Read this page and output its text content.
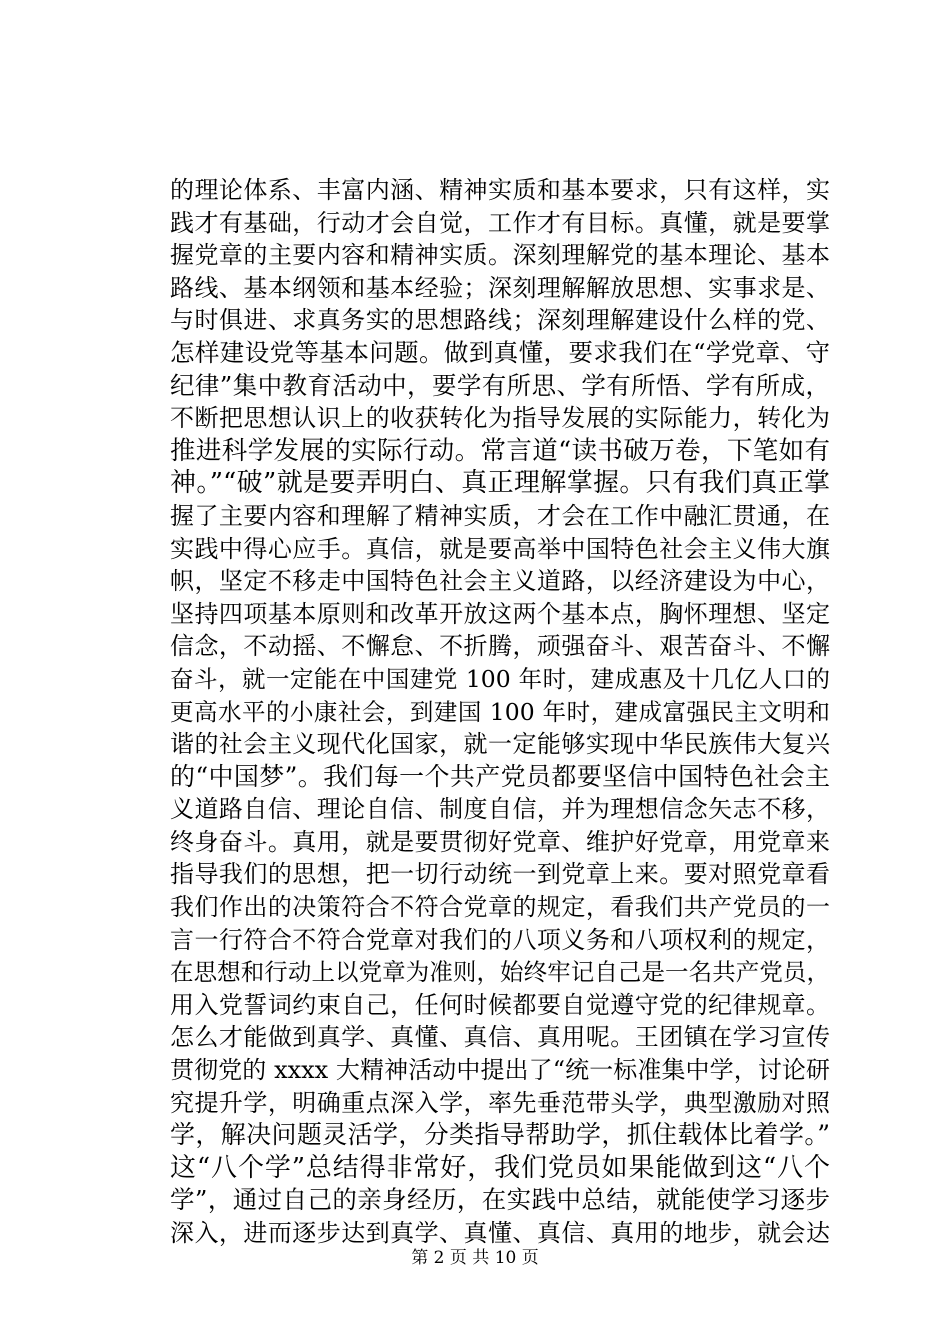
的理论体系、丰富内涵、精神实质和基本要求，只有这样，实
践才有基础，行动才会自觉，工作才有目标。真懂，就是要掌
握党章的主要内容和精神实质。深刻理解党的基本理论、基本
路线、基本纲领和基本经验；深刻理解解放思想、实事求是、
与时俱进、求真务实的思想路线；深刻理解建设什么样的党、
怎样建设党等基本问题。做到真懂，要求我们在“学党章、守
纪律”集中教育活动中，要学有所思、学有所悟、学有所成，
不断把思想认识上的收获转化为指导发展的实际能力，转化为
推进科学发展的实际行动。常言道“读书破万卷，下笔如有
神。”“破”就是要弄明白、真正理解掌握。只有我们真正掌
握了主要内容和理解了精神实质，才会在工作中融汇贯通，在
实践中得心应手。真信，就是要高举中国特色社会主义伟大旗
帜，坚定不移走中国特色社会主义道路，以经济建设为中心，
坚持四项基本原则和改革开放这两个基本点，胸怀理想、坚定
信念，不动摇、不懈怠、不折腾，顽强奋斗、艰苦奋斗、不懈
奋斗，就一定能在中国建党 100 年时，建成惠及十几亿人口的
更高水平的小康社会，到建国 100 年时，建成富强民主文明和
谐的社会主义现代化国家，就一定能够实现中华民族伟大复兴
的“中国梦”。我们每一个共产党员都要坚信中国特色社会主
义道路自信、理论自信、制度自信，并为理想信念矢志不移，
终身奋斗。真用，就是要贯彻好党章、维护好党章，用党章来
指导我们的思想，把一切行动统一到党章上来。要对照党章看
我们作出的决策符合不符合党章的规定，看我们共产党员的一
言一行符合不符合党章对我们的八项义务和八项权利的规定，
在思想和行动上以党章为准则，始终牢记自己是一名共产党员，
用入党誓词约束自己，任何时候都要自觉遵守党的纪律规章。
怎么才能做到真学、真懂、真信、真用呢。王团镇在学习宣传
贯彻党的 xxxx 大精神活动中提出了“统一标准集中学，讨论研
究提升学，明确重点深入学，率先垂范带头学，典型激励对照
学，解决问题灵活学，分类指导帮助学，抓住载体比着学。”
这“八个学”总结得非常好，我们党员如果能做到这“八个
学”，通过自己的亲身经历，在实践中总结，就能使学习逐步
深入，进而逐步达到真学、真懂、真信、真用的地步，就会达
第 2 页 共 10 页
